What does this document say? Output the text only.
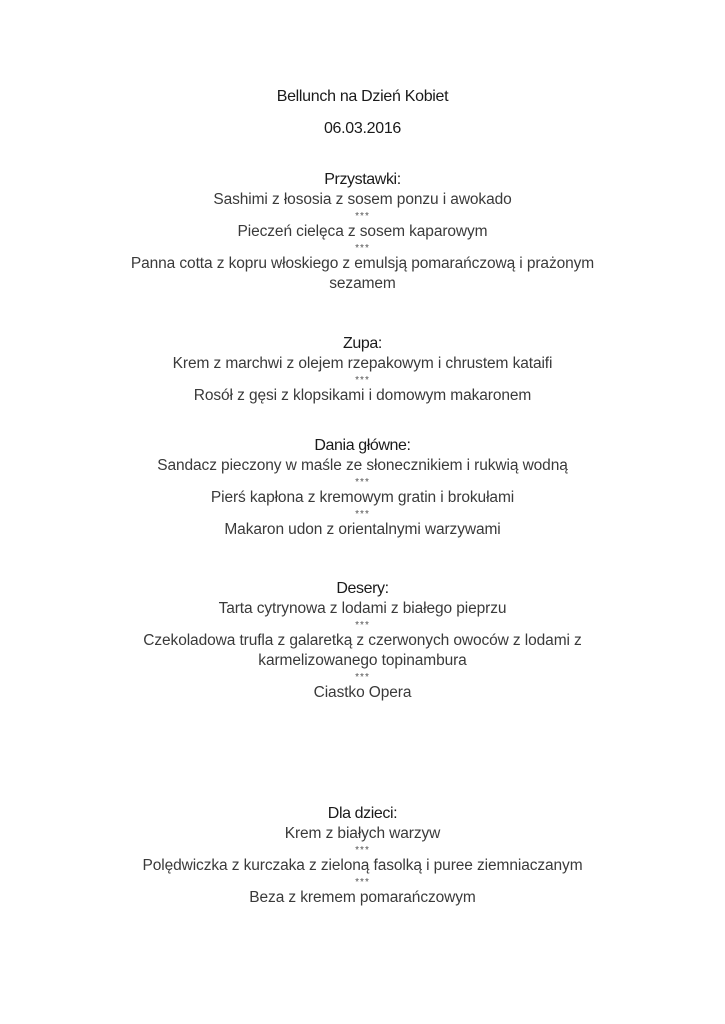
Bellunch na Dzień Kobiet
06.03.2016
Przystawki:
Sashimi z łososia z sosem ponzu i awokado
***
Pieczeń cielęca z sosem kaparowym
***
Panna cotta z kopru włoskiego z emulsją pomarańczową i prażonym sezamem
Zupa:
Krem z marchwi z olejem rzepakowym i chrustem kataifi
***
Rosół z gęsi z klopsikami i domowym makaronem
Dania główne:
Sandacz pieczony w maśle ze słonecznikiem i rukwią wodną
***
Pierś kapłona z kremowym gratin i brokułami
***
Makaron udon z orientalnymi warzywami
Desery:
Tarta cytrynowa z lodami z białego pieprzu
***
Czekoladowa trufla z galaretką z czerwonych owoców z lodami z karmelizowanego topinambura
***
Ciastko Opera
Dla dzieci:
Krem z białych warzyw
***
Polędwiczka z kurczaka z zieloną fasolką i puree ziemniaczanym
***
Beza z kremem pomarańczowym
